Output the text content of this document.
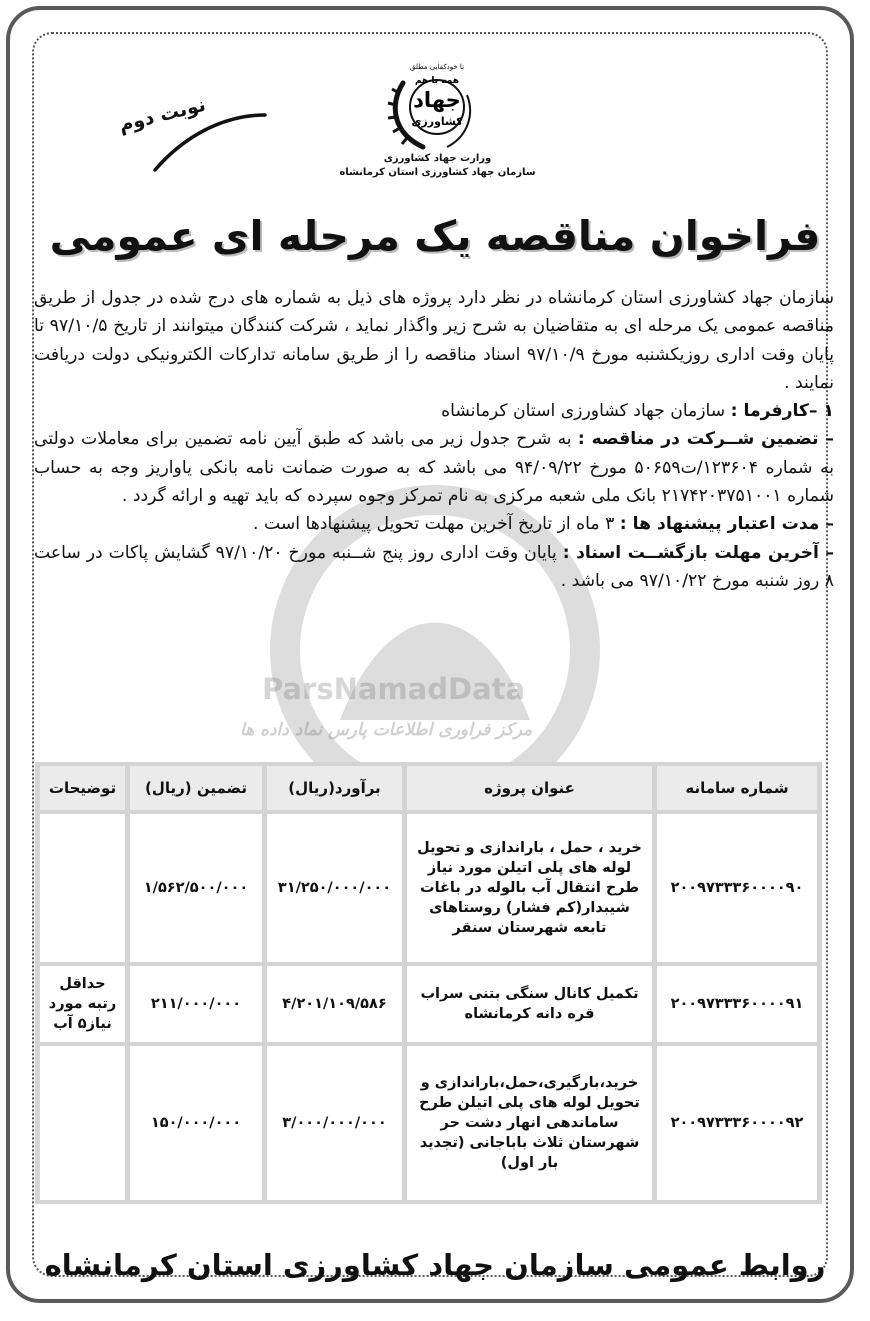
تا خودکفایی مطلق
همه با هم
جهاد
کشاورزی
وزارت جهاد کشاورزی
سازمان جهاد کشاورزی استان کرمانشاه
نوبت دوم
فراخوان مناقصه یک مرحله ای عمومی
ParsNamadData
مرکز فراوری اطلاعات پارس نماد داده ها

سازمان جهاد کشاورزی استان کرمانشاه در نظر دارد پروژه های ذیل به شماره های درج شده در جدول از طریق مناقصه عمومی یک مرحله ای به متقاضیان به شرح زیر واگذار نماید ، شرکت کنندگان میتوانند از تاریخ ۹۷/۱۰/۵ تا پایان وقت اداری روزیکشنبه مورخ ۹۷/۱۰/۹ اسناد مناقصه را از طریق سامانه تدارکات الکترونیکی دولت دریافت نمایند .

۱ –کارفرما : سازمان جهاد کشاورزی استان کرمانشاه

– تضمین شــرکت در مناقصه : به شرح جدول زیر می باشد که طبق آیین نامه تضمین برای معاملات دولتی به شماره ۱۲۳۶۰۴/ت۵۰۶۵۹ مورخ ۹۴/۰۹/۲۲ می باشد که به صورت ضمانت نامه بانکی یاواریز وجه به حساب شماره ۲۱۷۴۲۰۳۷۵۱۰۰۱ بانک ملی شعبه مرکزی به نام تمرکز وجوه سپرده که باید تهیه و ارائه گردد .

– مدت اعتبار پیشنهاد ها : ۳ ماه از تاریخ آخرین مهلت تحویل پیشنهادها است .

– آخرین مهلت بازگشــت اسناد : پایان وقت اداری روز پنج شــنبه مورخ ۹۷/۱۰/۲۰ گشایش پاکات در ساعت ۸ روز شنبه مورخ ۹۷/۱۰/۲۲ می باشد .

شماره سامانه	عنوان پروژه	برآورد(ریال)	تضمین (ریال)	توضیحات
۲۰۰۹۷۳۳۳۶۰۰۰۰۹۰	خرید ، حمل ، باراندازی و تحویل لوله های پلی اتیلن مورد نیاز طرح انتقال آب بالوله در باغات شیبدار(کم فشار) روستاهای تابعه شهرستان سنقر	۳۱/۲۵۰/۰۰۰/۰۰۰	۱/۵۶۲/۵۰۰/۰۰۰	
۲۰۰۹۷۳۳۳۶۰۰۰۰۹۱	تکمیل کانال سنگی بتنی سراب قره دانه کرمانشاه	۴/۲۰۱/۱۰۹/۵۸۶	۲۱۱/۰۰۰/۰۰۰	حداقل رتبه مورد نیاز۵ آب
۲۰۰۹۷۳۳۳۶۰۰۰۰۹۲	خرید،بارگیری،حمل،باراندازی و تحویل لوله های پلی اتیلن طرح ساماندهی انهار دشت حر شهرستان ثلاث باباجانی (تجدید بار اول)	۳/۰۰۰/۰۰۰/۰۰۰	۱۵۰/۰۰۰/۰۰۰	
روابط عمومی سازمان جهاد کشاورزی استان کرمانشاه
